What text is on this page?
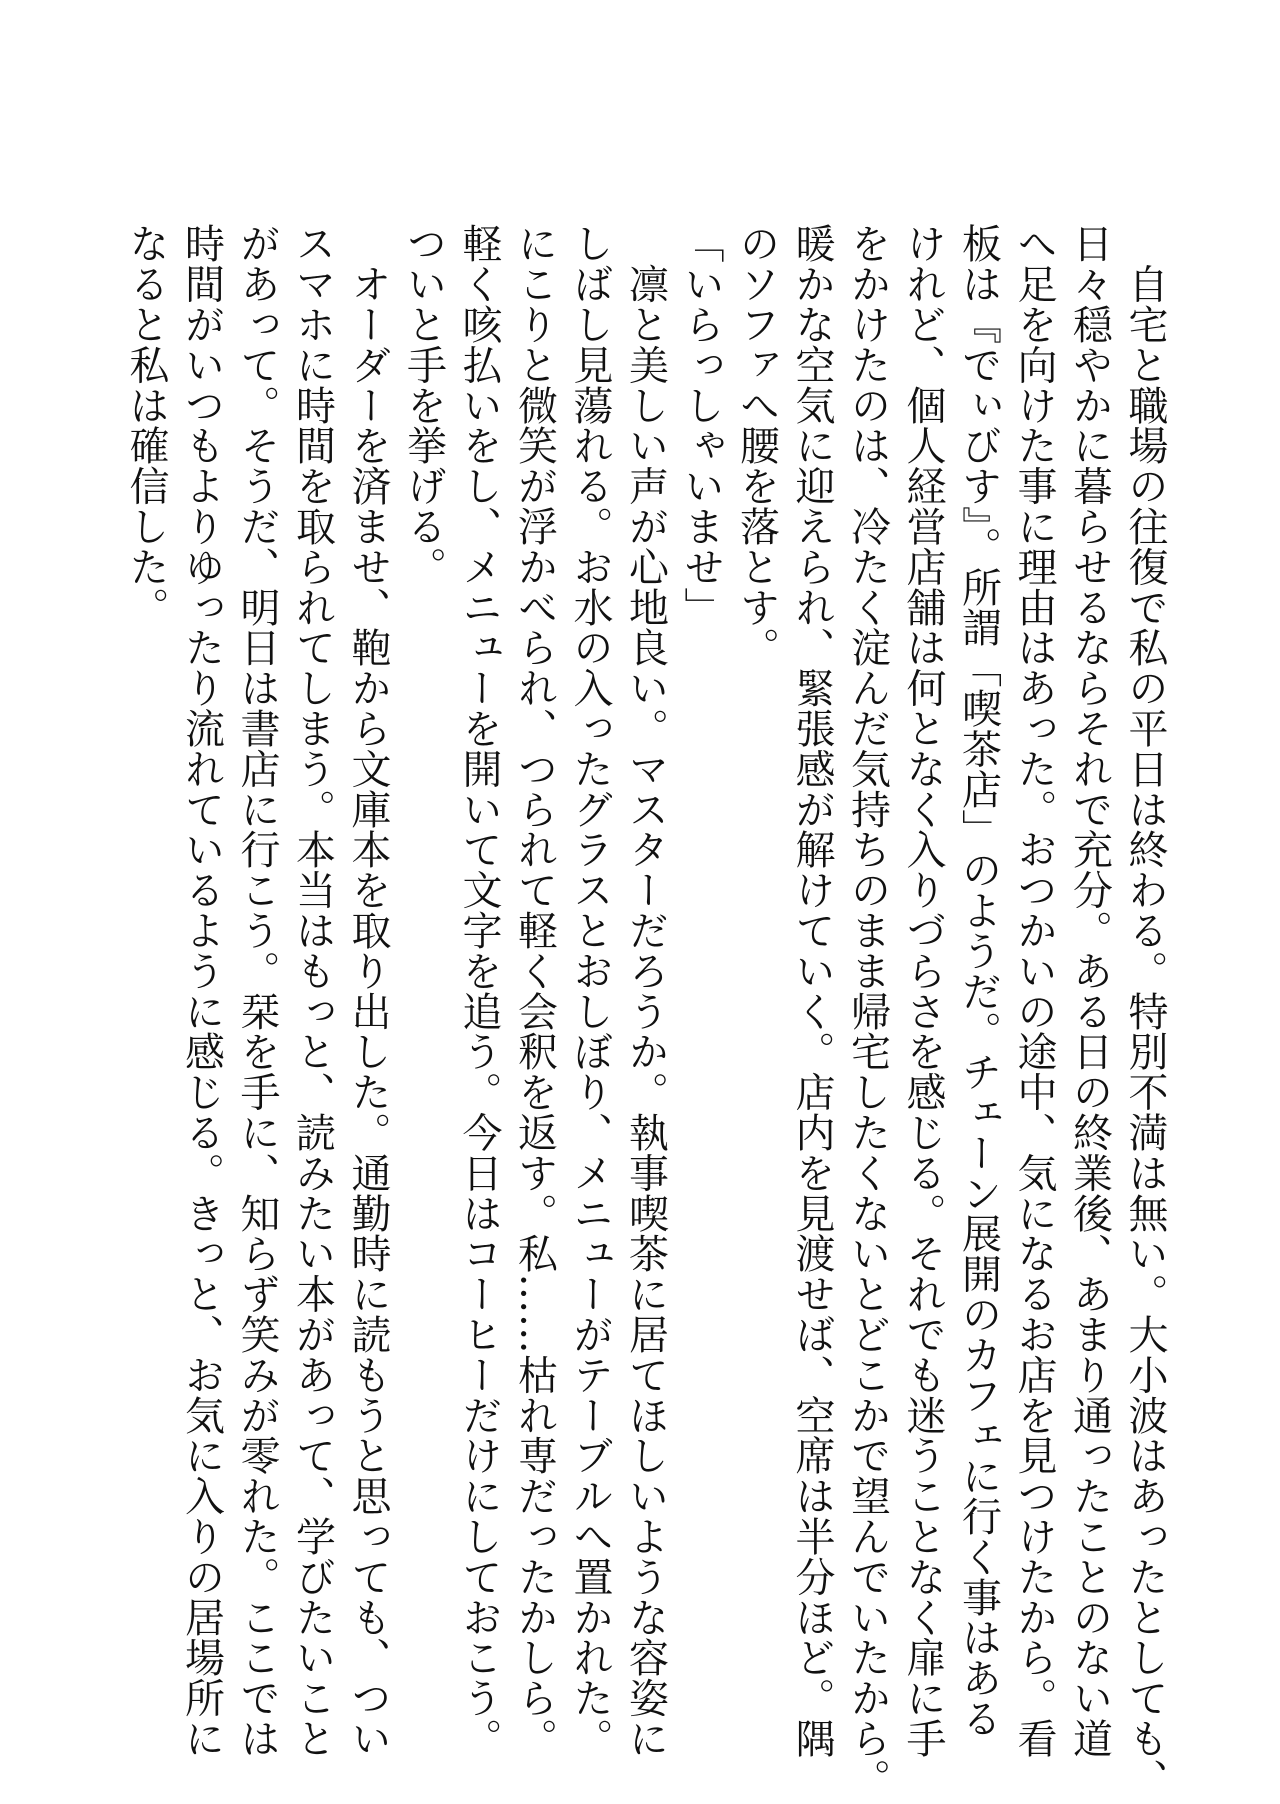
　自宅と職場の往復で私の平日は終わる。特別不満は無い。大小波はあったとしても、
日々穏やかに暮らせるならそれで充分。ある日の終業後、あまり通ったことのない道
へ足を向けた事に理由はあった。おつかいの途中、気になるお店を見つけたから。看
板は『でぃびす』。所謂「喫茶店」のようだ。チェーン展開のカフェに行く事はある
けれど、個人経営店舗は何となく入りづらさを感じる。それでも迷うことなく扉に手
をかけたのは、冷たく淀んだ気持ちのまま帰宅したくないとどこかで望んでいたから。
暖かな空気に迎えられ、緊張感が解けていく。店内を見渡せば、空席は半分ほど。隅
のソファへ腰を落とす。
「いらっしゃいませ」
　凛と美しい声が心地良い。マスターだろうか。執事喫茶に居てほしいような容姿に
しばし見蕩れる。お水の入ったグラスとおしぼり、メニューがテーブルへ置かれた。
にこりと微笑が浮かべられ、つられて軽く会釈を返す。私……枯れ専だったかしら。
軽く咳払いをし、メニューを開いて文字を追う。今日はコーヒーだけにしておこう。
ついと手を挙げる。
　オーダーを済ませ、鞄から文庫本を取り出した。通勤時に読もうと思っても、つい
スマホに時間を取られてしまう。本当はもっと、読みたい本があって、学びたいこと
があって。そうだ、明日は書店に行こう。栞を手に、知らず笑みが零れた。ここでは
時間がいつもよりゆったり流れているように感じる。きっと、お気に入りの居場所に
なると私は確信した。
